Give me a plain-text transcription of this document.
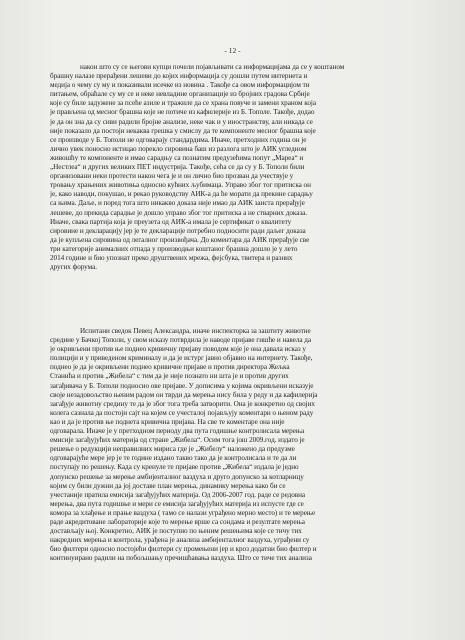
- 12 -
након што су се његови купци почели појављивати са информацијама да се у коштаном
брашну налазе прерађени лешеви до којих информација су дошли путем интернета и
медија о чему су му и показивали исечке из новина . Такође са овом информацијом ти
питањем, обраћале су му се и неке невладине организације из бројних градова Србије
које су биле задужене за псеће азиле и тражиле да се храна повуче и замени храном која
је прављена од месног брашна које не потиче из кафилерије из Б. Тополе. Такође, додао
је да он зна да су сиви радили бројне анализе, неке чак и у иностранству, али никада се
није показало да постоји некаква грешка у смислу да те компоненте месног брашна које
се производе у Б. Тополи не одговарају стандардима. Иначе, претходних година он је
лично увек поносно истицао порекло сировина баш из разлога што је АИК угледном
живошћу те компоненте и имао сарадњу са познатим предузећима попут „Мареа“ и
„Нестлеа“ и других великих ПЕТ индустрија. Такође, сећа се да су у Б. Тополи били
организовани неки протести након чега је и он лично био прозван да учествује у
тровању храњених животиња односно кућних љубимаца. Управо због тог притиска он
је, како наводи, покушао, и рекао руководству АИК-а да ће морати да прекине сарадњу
са њима. Даље, и поред тога што никакво доказа није имао да АИК заиста прерађује
лешеве, до прекида сарадње је дошло управо због тог притиска а не стварних доказа.
Иначе, свака партија која је преузета од АИК-а имала је сертификат о квалитету
сировине и декларацију јер је те декларације потребно подносити ради даљег доказа
да је купљена сировина од легалног произвођача. До коментара да АИК прерађује све
три категорије анималних отпада у производњи коштаног брашна дошло је у лето
2014 године и био упознат преко друштвених мрежа, фејсбука, твитера и разних
других форума.
Испитани сведок Певец Александра, иначе инспекторка за заштиту животне
средине у Бачкој Тополи, у свом исказу потврдила је наводе пријаве гишће и навела да
је окривљени против ње поднео кривичну пријаву поводом које је она давала исказ у
полицији и у приведеном криминалу и да је истург јавно објавио на интернету. Такође,
поднео је да је окривљени поднео кривичне пријаве и против директора Жељка
Станића и против „Жибела“ с тим да је није познато ни шта је и против других
загађивача у Б. Тополи подносио ове пријаве. У дописима у којима окривљени исказује
своје незадовољство њеним радом он тврди да мерења нису била у реду и да кафилерија
загађује животну средину те да је због тога треба затворити. Она је конкретно од својих
колега сазнала да постоји сајт на којем се учесталој појављују коментари о њеном раду
као и да је против ње поднета кривична пријава. На све те коментаре она није
одговарала. Иначе је у претходном периоду два пута годишње контролисала мерења
емисије загађујућих материја од стране „Жибела“. Осим тога још 2009.год. издато је
решење о редукцији неправилних мириса где је „Жибелу“ наложено да предузме
одговарајуће мере јер је те године издано такво тако да је контролисала и те да ли
поступају по решењу. Када су кренуле те пријаве против „Жибела“ издала је једно
допунско решење за мерење амбијенталног ваздуха и друго допунско за котларницу
којим су били дужни да јој доставе план мерења, динамику мерења како би се
учестаније пратила емисија загађујућих материја. Од 2006-2007 год. раде се редовна
мерења, два пута годишње и мери се емисија загађујућих материја из испусте где се
комора за хлађење и прање ваздуха ( тамо се налази уграђено мерно место) и те мерење
раде акредитоване лабораторије које то мерење врше са сондама и резултате мерења
достављају њој. Конкретно, АИК је поступио по њеним решењима које се тичу тих
накредних мерења и контрола, урађена је анализа амбијенталног ваздуха, уграђени су
био филтери односно постојећи филтери су промењени јер и кроз додатни био филтер и
континуирано радили на побољшању пречишћавања ваздуха. Што се тиче тих анализа
